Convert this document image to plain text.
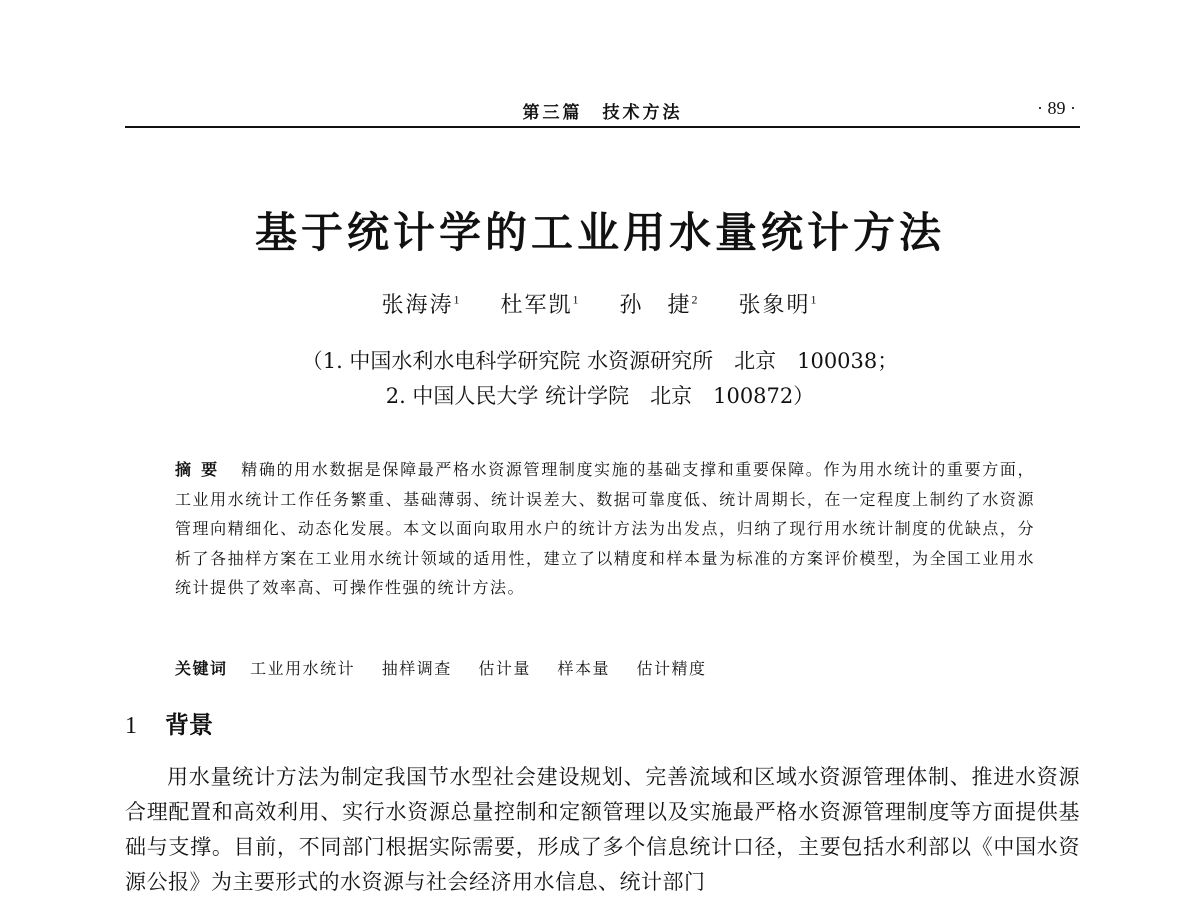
第三篇　技术方法	· 89 ·
基于统计学的工业用水量统计方法
张海涛$^1$ 杜军凯$^1$ 孙　捷$^2$ 张象明$^1$
（1. 中国水利水电科学研究院 水资源研究所　北京　100038；
2. 中国人民大学 统计学院　北京　100872）
摘要 精确的用水数据是保障最严格水资源管理制度实施的基础支撑和重要保障。作为用水统计的重要方面，工业用水统计工作任务繁重、基础薄弱、统计误差大、数据可靠度低、统计周期长，在一定程度上制约了水资源管理向精细化、动态化发展。本文以面向取用水户的统计方法为出发点，归纳了现行用水统计制度的优缺点，分析了各抽样方案在工业用水统计领域的适用性，建立了以精度和样本量为标准的方案评价模型，为全国工业用水统计提供了效率高、可操作性强的统计方法。
关键词 工业用水统计 抽样调查 估计量 样本量 估计精度
1 背景
用水量统计方法为制定我国节水型社会建设规划、完善流域和区域水资源管理体制、推进水资源合理配置和高效利用、实行水资源总量控制和定额管理以及实施最严格水资源管理制度等方面提供基础与支撑。目前，不同部门根据实际需要，形成了多个信息统计口径，主要包括水利部以《中国水资源公报》为主要形式的水资源与社会经济用水信息、统计部门
